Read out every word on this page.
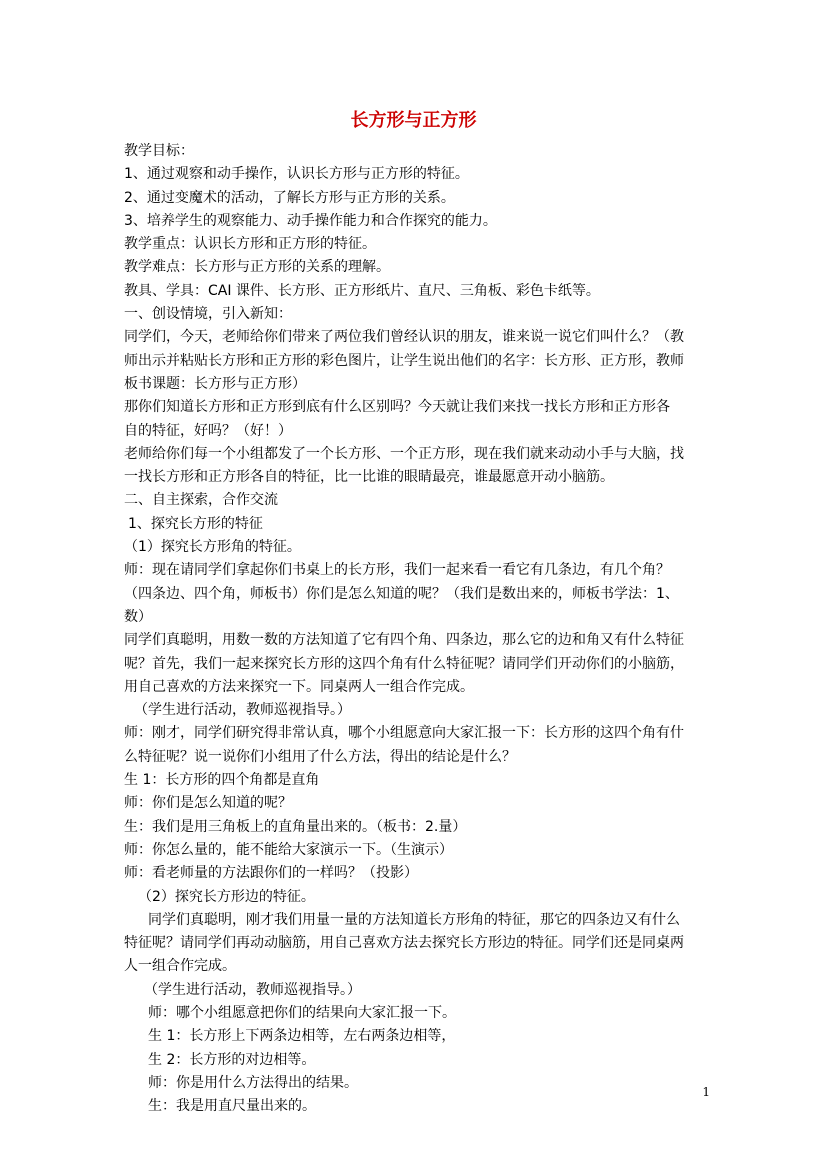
长方形与正方形
教学目标：
1、通过观察和动手操作，认识长方形与正方形的特征。
2、通过变魔术的活动，了解长方形与正方形的关系。
3、培养学生的观察能力、动手操作能力和合作探究的能力。
教学重点：认识长方形和正方形的特征。
教学难点：长方形与正方形的关系的理解。
教具、学具：CAI 课件、长方形、正方形纸片、直尺、三角板、彩色卡纸等。
一、创设情境，引入新知：
同学们，今天，老师给你们带来了两位我们曾经认识的朋友，谁来说一说它们叫什么？（教
师出示并粘贴长方形和正方形的彩色图片，让学生说出他们的名字：长方形、正方形，教师
板书课题：长方形与正方形）
那你们知道长方形和正方形到底有什么区别吗？今天就让我们来找一找长方形和正方形各
自的特征，好吗？（好！）
老师给你们每一个小组都发了一个长方形、一个正方形，现在我们就来动动小手与大脑，找
一找长方形和正方形各自的特征，比一比谁的眼睛最亮，谁最愿意开动小脑筋。
二、自主探索，合作交流
1、探究长方形的特征
（1）探究长方形角的特征。
师：现在请同学们拿起你们书桌上的长方形，我们一起来看一看它有几条边，有几个角？
（四条边、四个角，师板书）你们是怎么知道的呢？（我们是数出来的，师板书学法：1、
数）
同学们真聪明，用数一数的方法知道了它有四个角、四条边，那么它的边和角又有什么特征
呢？首先，我们一起来探究长方形的这四个角有什么特征呢？请同学们开动你们的小脑筋，
用自己喜欢的方法来探究一下。同桌两人一组合作完成。
（学生进行活动，教师巡视指导。）
师：刚才，同学们研究得非常认真，哪个小组愿意向大家汇报一下：长方形的这四个角有什
么特征呢？说一说你们小组用了什么方法，得出的结论是什么？
生 1：长方形的四个角都是直角
师：你们是怎么知道的呢？
生：我们是用三角板上的直角量出来的。（板书：2.量）
师：你怎么量的，能不能给大家演示一下。（生演示）
师：看老师量的方法跟你们的一样吗？（投影）
（2）探究长方形边的特征。
同学们真聪明，刚才我们用量一量的方法知道长方形角的特征，那它的四条边又有什么
特征呢？请同学们再动动脑筋，用自己喜欢方法去探究长方形边的特征。同学们还是同桌两
人一组合作完成。
（学生进行活动，教师巡视指导。）
师：哪个小组愿意把你们的结果向大家汇报一下。
生 1：长方形上下两条边相等，左右两条边相等，
生 2：长方形的对边相等。
师：你是用什么方法得出的结果。
生：我是用直尺量出来的。
1
